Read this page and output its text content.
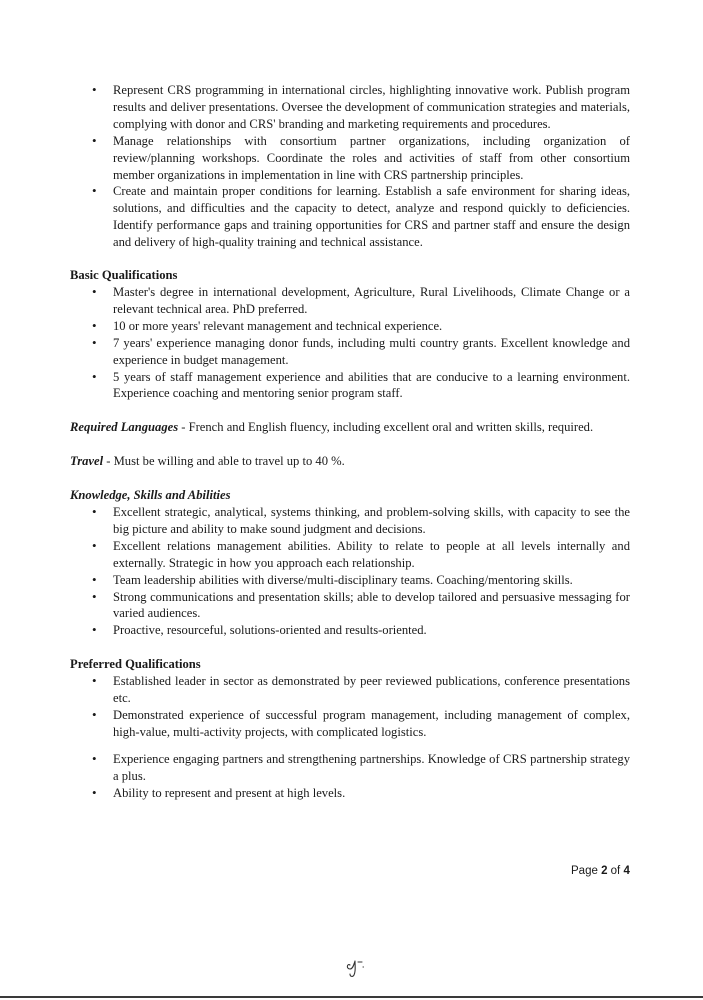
• Represent CRS programming in international circles, highlighting innovative work. Publish program results and deliver presentations. Oversee the development of communication strategies and materials, complying with donor and CRS' branding and marketing requirements and procedures.
• Manage relationships with consortium partner organizations, including organization of review/planning workshops. Coordinate the roles and activities of staff from other consortium member organizations in implementation in line with CRS partnership principles.
• Create and maintain proper conditions for learning. Establish a safe environment for sharing ideas, solutions, and difficulties and the capacity to detect, analyze and respond quickly to deficiencies. Identify performance gaps and training opportunities for CRS and partner staff and ensure the design and delivery of high-quality training and technical assistance.

Basic Qualifications

• Master's degree in international development, Agriculture, Rural Livelihoods, Climate Change or a relevant technical area. PhD preferred.
• 10 or more years' relevant management and technical experience.
• 7 years' experience managing donor funds, including multi country grants. Excellent knowledge and experience in budget management.
• 5 years of staff management experience and abilities that are conducive to a learning environment. Experience coaching and mentoring senior program staff.

Required Languages - French and English fluency, including excellent oral and written skills, required.

Travel - Must be willing and able to travel up to 40 %.

Knowledge, Skills and Abilities

• Excellent strategic, analytical, systems thinking, and problem-solving skills, with capacity to see the big picture and ability to make sound judgment and decisions.
• Excellent relations management abilities. Ability to relate to people at all levels internally and externally. Strategic in how you approach each relationship.
• Team leadership abilities with diverse/multi-disciplinary teams. Coaching/mentoring skills.
• Strong communications and presentation skills; able to develop tailored and persuasive messaging for varied audiences.
• Proactive, resourceful, solutions-oriented and results-oriented.

Preferred Qualifications

• Established leader in sector as demonstrated by peer reviewed publications, conference presentations etc.
• Demonstrated experience of successful program management, including management of complex, high-value, multi-activity projects, with complicated logistics.
• Experience engaging partners and strengthening partnerships. Knowledge of CRS partnership strategy a plus.
• Ability to represent and present at high levels.
Page 2 of 4
